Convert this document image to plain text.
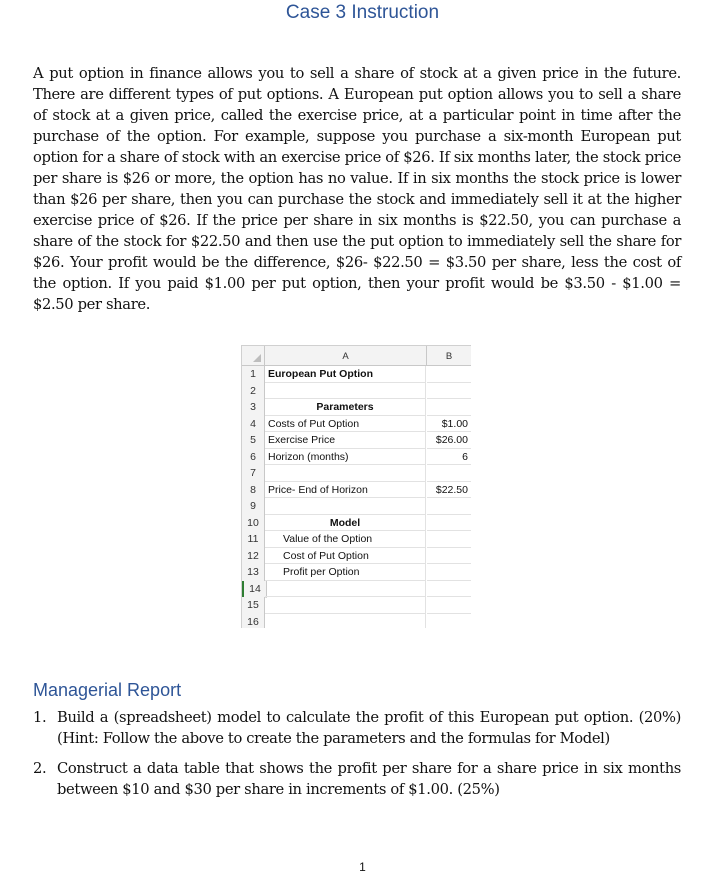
Case 3 Instruction

A put option in finance allows you to sell a share of stock at a given price in the future. There are different types of put options. A European put option allows you to sell a share of stock at a given price, called the exercise price, at a particular point in time after the purchase of the option. For example, suppose you purchase a six-month European put option for a share of stock with an exercise price of $26. If six months later, the stock price per share is $26 or more, the option has no value. If in six months the stock price is lower than $26 per share, then you can purchase the stock and immediately sell it at the higher exercise price of $26. If the price per share in six months is $22.50, you can purchase a share of the stock for $22.50 and then use the put option to immediately sell the share for $26. Your profit would be the difference, $26- $22.50 = $3.50 per share, less the cost of the option. If you paid $1.00 per put option, then your profit would be $3.50 - $1.00 = $2.50 per share.

A	B
1	European Put Option
2
3	Parameters
4	Costs of Put Option	$1.00
5	Exercise Price	$26.00
6	Horizon (months)	6
7
8	Price- End of Horizon	$22.50
9
10	Model
11	Value of the Option
12	Cost of Put Option
13	Profit per Option
14
15
16
Managerial Report
1. Build a (spreadsheet) model to calculate the profit of this European put option. (20%) (Hint: Follow the above to create the parameters and the formulas for Model)
2. Construct a data table that shows the profit per share for a share price in six months between $10 and $30 per share in increments of $1.00. (25%)
1
